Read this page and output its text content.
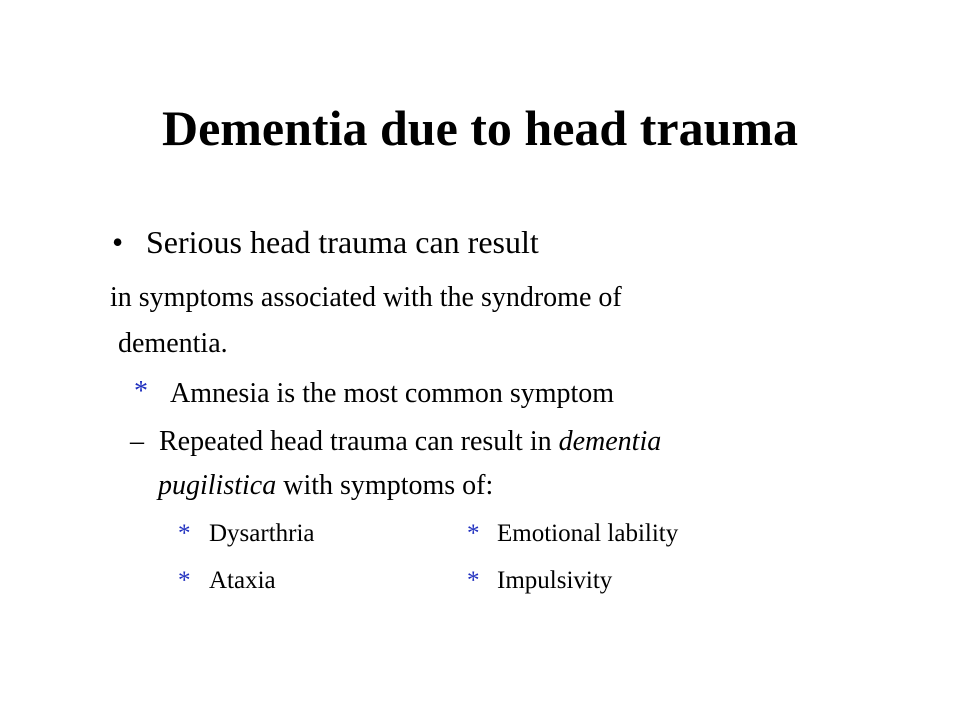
Dementia due to head trauma
• Serious head trauma can result
in symptoms associated with the syndrome of
dementia.
* Amnesia is the most common symptom
– Repeated head trauma can result in dementia
pugilistica with symptoms of:
* Dysarthria	* Emotional lability
* Ataxia	* Impulsivity
